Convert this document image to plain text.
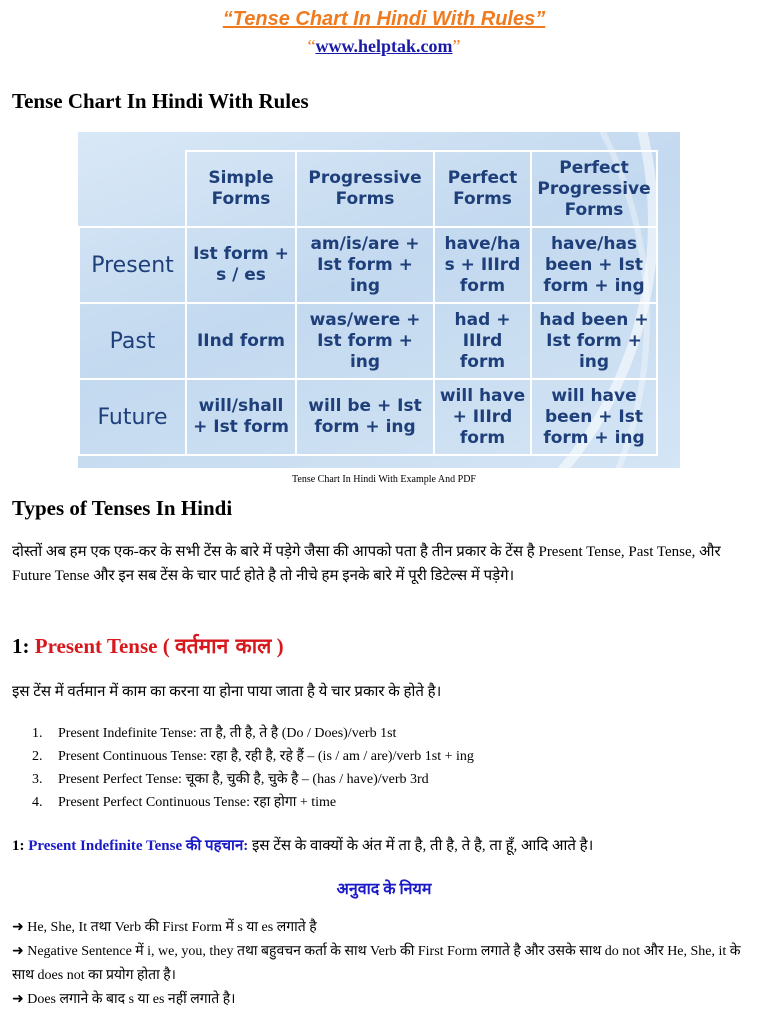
“Tense Chart In Hindi With Rules”
“www.helptak.com”
Tense Chart In Hindi With Rules
	Simple Forms	Progressive Forms	Perfect Forms	Perfect Progressive Forms
Present	Ist form + s / es	am/is/are + Ist form + ing	have/ha s + IIIrd form	have/has been + Ist form + ing
Past	IInd form	was/were + Ist form + ing	had + IIIrd form	had been + Ist form + ing
Future	will/shall + Ist form	will be + Ist form + ing	will have + IIIrd form	will have been + Ist form + ing
Tense Chart In Hindi With Example And PDF
Types of Tenses In Hindi
दोस्तों अब हम एक एक-कर के सभी टेंस के बारे में पड़ेगे जैसा की आपको पता है तीन प्रकार के टेंस है Present Tense, Past Tense, और Future Tense और इन सब टेंस के चार पार्ट होते है तो नीचे हम इनके बारे में पूरी डिटेल्स में पड़ेगे।
1: Present Tense ( वर्तमान काल )
इस टेंस में वर्तमान में काम का करना या होना पाया जाता है ये चार प्रकार के होते है।
1. Present Indefinite Tense: ता है, ती है, ते है (Do / Does)/verb 1st
2. Present Continuous Tense: रहा है, रही है, रहे हैं – (is / am / are)/verb 1st + ing
3. Present Perfect Tense: चूका है, चुकी है, चुके है – (has / have)/verb 3rd
4. Present Perfect Continuous Tense: रहा होगा + time
1: Present Indefinite Tense की पहचान: इस टेंस के वाक्यों के अंत में ता है, ती है, ते है, ता हूँ, आदि आते है।
अनुवाद के नियम
➜ He, She, It तथा Verb की First Form में s या es लगाते है
➜ Negative Sentence में i, we, you, they तथा बहुवचन कर्ता के साथ Verb की First Form लगाते है और उसके साथ do not और He, She, it के साथ does not का प्रयोग होता है।
➜ Does लगाने के बाद s या es नहीं लगाते है।
